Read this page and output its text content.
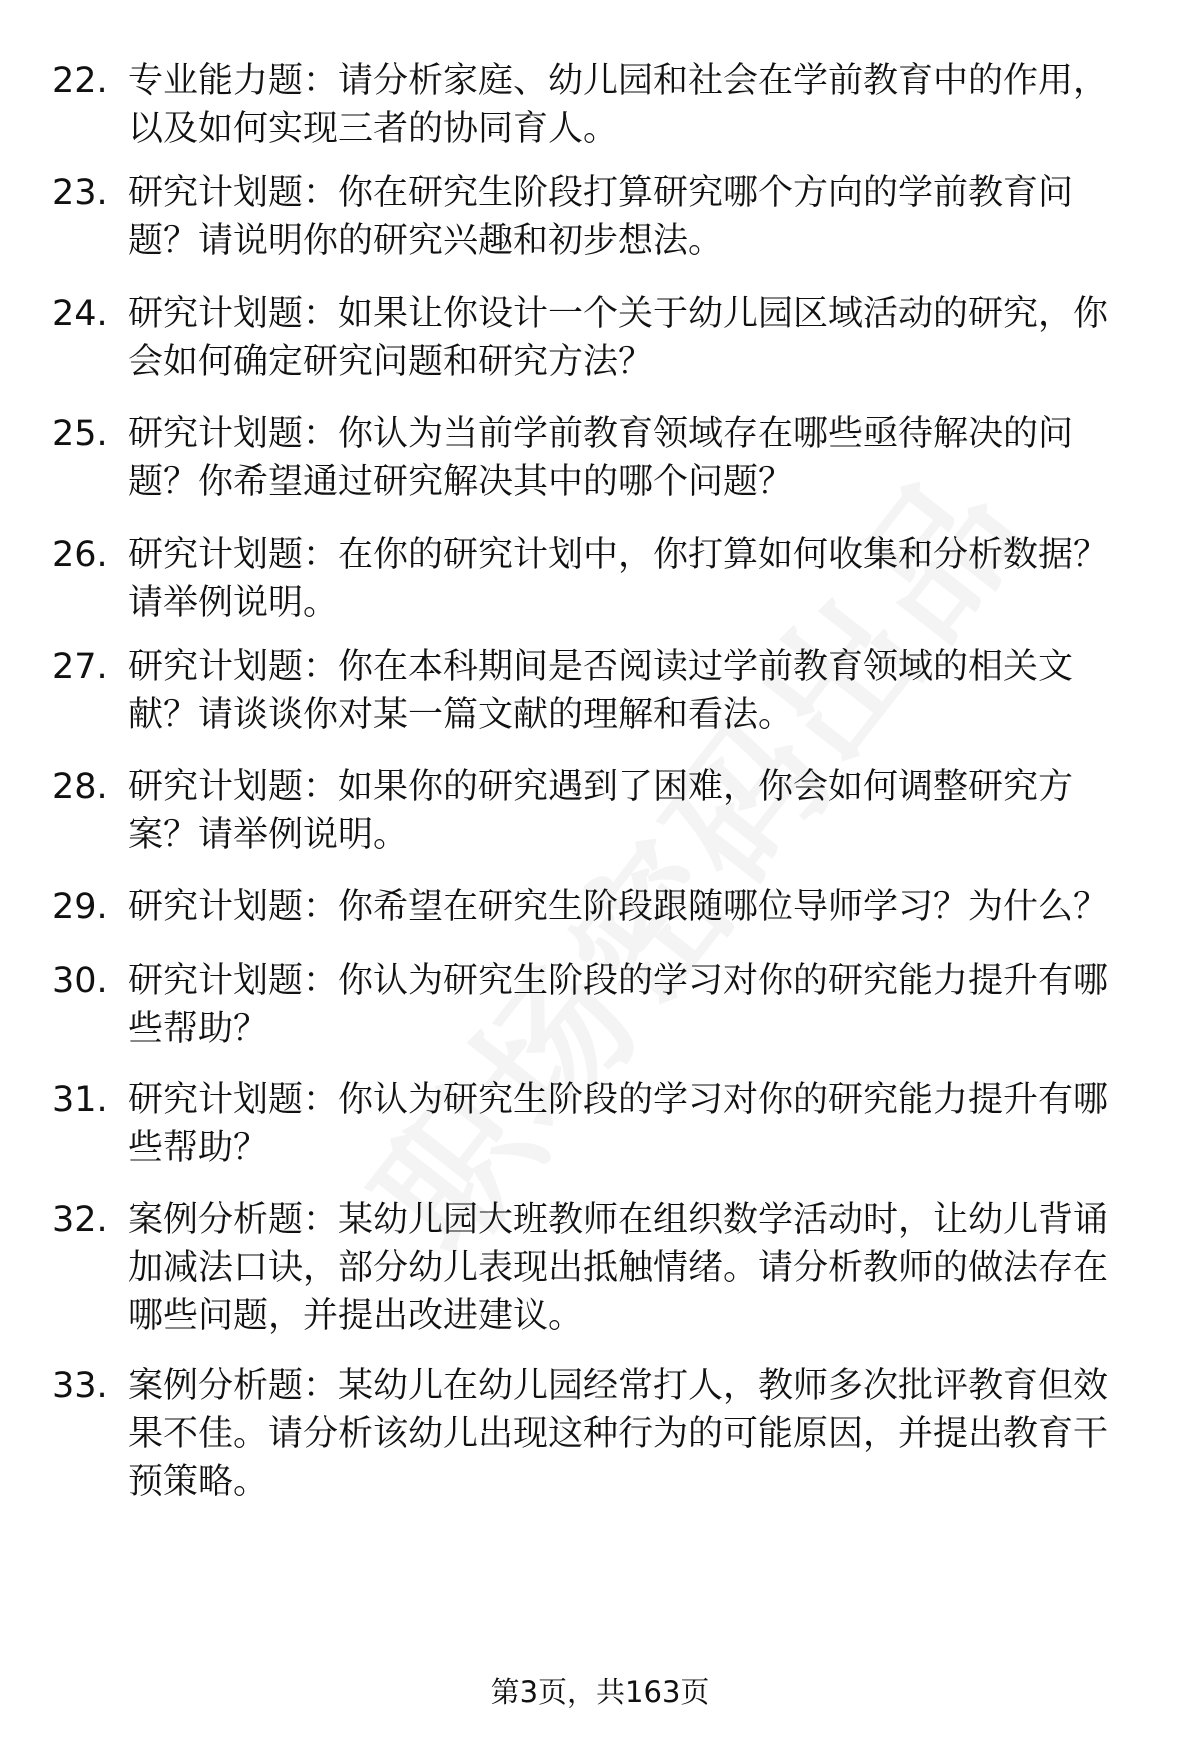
22. 专业能力题：请分析家庭、幼儿园和社会在学前教育中的作用，以及如何实现三者的协同育人。
23. 研究计划题：你在研究生阶段打算研究哪个方向的学前教育问题？请说明你的研究兴趣和初步想法。
24. 研究计划题：如果让你设计一个关于幼儿园区域活动的研究，你会如何确定研究问题和研究方法？
25. 研究计划题：你认为当前学前教育领域存在哪些亟待解决的问题？你希望通过研究解决其中的哪个问题？
26. 研究计划题：在你的研究计划中，你打算如何收集和分析数据？请举例说明。
27. 研究计划题：你在本科期间是否阅读过学前教育领域的相关文献？请谈谈你对某一篇文献的理解和看法。
28. 研究计划题：如果你的研究遇到了困难，你会如何调整研究方案？请举例说明。
29. 研究计划题：你希望在研究生阶段跟随哪位导师学习？为什么？
30. 研究计划题：你认为研究生阶段的学习对你的研究能力提升有哪些帮助？
31. 研究计划题：你认为研究生阶段的学习对你的研究能力提升有哪些帮助？
32. 案例分析题：某幼儿园大班教师在组织数学活动时，让幼儿背诵加减法口诀，部分幼儿表现出抵触情绪。请分析教师的做法存在哪些问题，并提出改进建议。
33. 案例分析题：某幼儿在幼儿园经常打人，教师多次批评教育但效果不佳。请分析该幼儿出现这种行为的可能原因，并提出教育干预策略。
第3页，共163页
